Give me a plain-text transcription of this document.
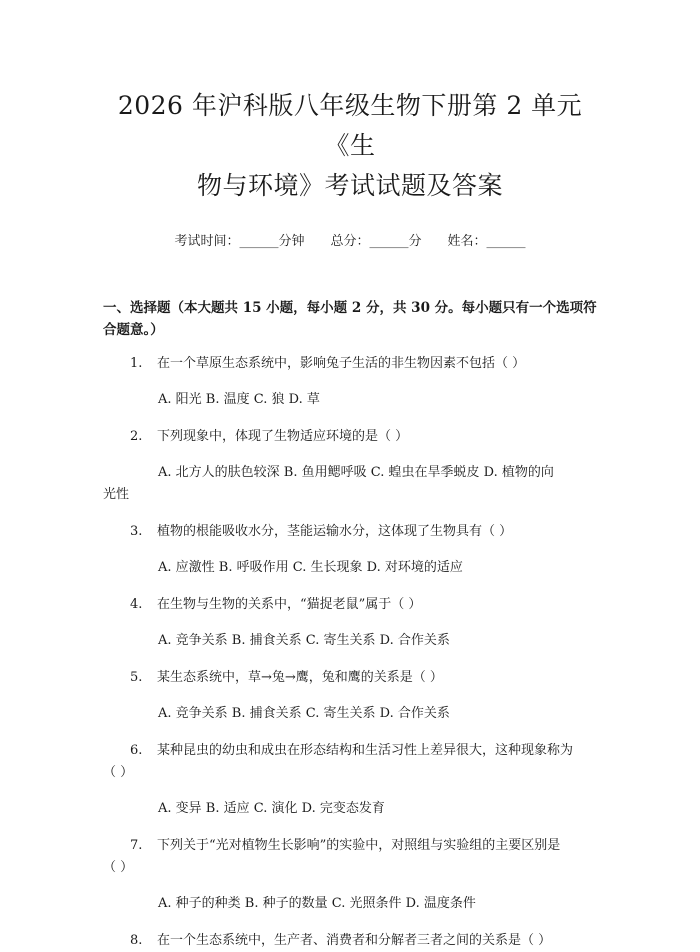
2026 年沪科版八年级生物下册第 2 单元《生
物与环境》考试试题及答案
考试时间：______分钟 总分：______分 姓名：______
一、选择题（本大题共 15 小题，每小题 2 分，共 30 分。每小题只有一个选项符
合题意。）
1. 在一个草原生态系统中，影响兔子生活的非生物因素不包括（ ）
A. 阳光 B. 温度 C. 狼 D. 草
2. 下列现象中，体现了生物适应环境的是（ ）
A. 北方人的肤色较深 B. 鱼用鳃呼吸 C. 蝗虫在旱季蜕皮 D. 植物的向
光性
3. 植物的根能吸收水分，茎能运输水分，这体现了生物具有（ ）
A. 应激性 B. 呼吸作用 C. 生长现象 D. 对环境的适应
4. 在生物与生物的关系中，“猫捉老鼠”属于（ ）
A. 竞争关系 B. 捕食关系 C. 寄生关系 D. 合作关系
5. 某生态系统中，草→兔→鹰，兔和鹰的关系是（ ）
A. 竞争关系 B. 捕食关系 C. 寄生关系 D. 合作关系
6. 某种昆虫的幼虫和成虫在形态结构和生活习性上差异很大，这种现象称为
（ ）
A. 变异 B. 适应 C. 演化 D. 完变态发育
7. 下列关于“光对植物生长影响”的实验中，对照组与实验组的主要区别是
（ ）
A. 种子的种类 B. 种子的数量 C. 光照条件 D. 温度条件
8. 在一个生态系统中，生产者、消费者和分解者三者之间的关系是（ ）
